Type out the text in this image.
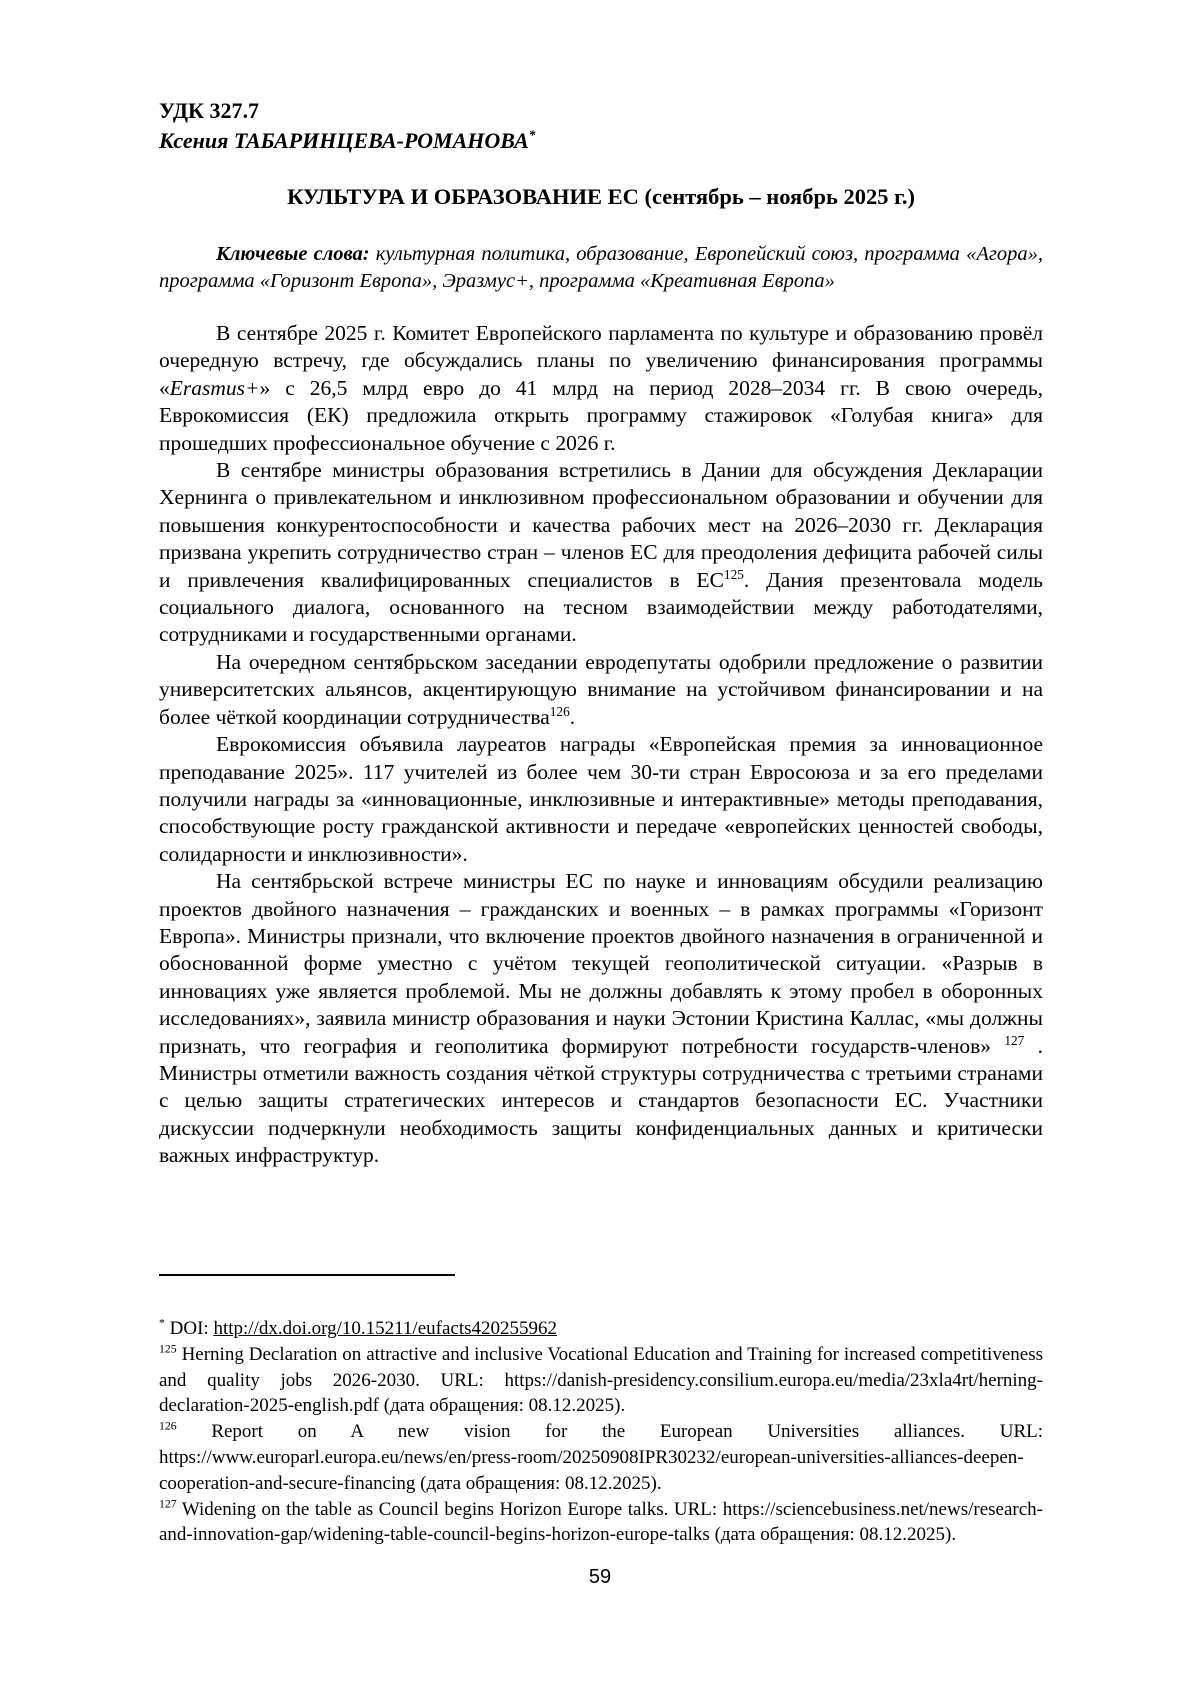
УДК 327.7
Ксения ТАБАРИНЦЕВА-РОМАНОВА*
КУЛЬТУРА И ОБРАЗОВАНИЕ ЕС (сентябрь – ноябрь 2025 г.)
Ключевые слова: культурная политика, образование, Европейский союз, программа «Агора», программа «Горизонт Европа», Эразмус+, программа «Креативная Европа»

В сентябре 2025 г. Комитет Европейского парламента по культуре и образованию провёл очередную встречу, где обсуждались планы по увеличению финансирования программы «Erasmus+» с 26,5 млрд евро до 41 млрд на период 2028–2034 гг. В свою очередь, Еврокомиссия (ЕК) предложила открыть программу стажировок «Голубая книга» для прошедших профессиональное обучение с 2026 г.

В сентябре министры образования встретились в Дании для обсуждения Декларации Хернинга о привлекательном и инклюзивном профессиональном образовании и обучении для повышения конкурентоспособности и качества рабочих мест на 2026–2030 гг. Декларация призвана укрепить сотрудничество стран – членов ЕС для преодоления дефицита рабочей силы и привлечения квалифицированных специалистов в ЕС$^{125}$. Дания презентовала модель социального диалога, основанного на тесном взаимодействии между работодателями, сотрудниками и государственными органами.

На очередном сентябрьском заседании евродепутаты одобрили предложение о развитии университетских альянсов, акцентирующую внимание на устойчивом финансировании и на более чёткой координации сотрудничества$^{126}$.

Еврокомиссия объявила лауреатов награды «Европейская премия за инновационное преподавание 2025». 117 учителей из более чем 30-ти стран Евросоюза и за его пределами получили награды за «инновационные, инклюзивные и интерактивные» методы преподавания, способствующие росту гражданской активности и передаче «европейских ценностей свободы, солидарности и инклюзивности».

На сентябрьской встрече министры ЕС по науке и инновациям обсудили реализацию проектов двойного назначения – гражданских и военных – в рамках программы «Горизонт Европа». Министры признали, что включение проектов двойного назначения в ограниченной и обоснованной форме уместно с учётом текущей геополитической ситуации. «Разрыв в инновациях уже является проблемой. Мы не должны добавлять к этому пробел в оборонных исследованиях», заявила министр образования и науки Эстонии Кристина Каллас, «мы должны признать, что география и геополитика формируют потребности государств-членов» $^{127}$ . Министры отметили важность создания чёткой структуры сотрудничества с третьими странами с целью защиты стратегических интересов и стандартов безопасности ЕС. Участники дискуссии подчеркнули необходимость защиты конфиденциальных данных и критически важных инфраструктур.

* DOI: http://dx.doi.org/10.15211/eufacts420255962

$^{125}$ Herning Declaration on attractive and inclusive Vocational Education and Training for increased competitiveness and quality jobs 2026-2030. URL: https://danish-presidency.consilium.europa.eu/media/23xla4rt/herning-declaration-2025-english.pdf (дата обращения: 08.12.2025).

$^{126}$ Report on A new vision for the European Universities alliances. URL: https://www.europarl.europa.eu/news/en/press-room/20250908IPR30232/european-universities-alliances-deepen-cooperation-and-secure-financing (дата обращения: 08.12.2025).

$^{127}$ Widening on the table as Council begins Horizon Europe talks. URL: https://sciencebusiness.net/news/research-and-innovation-gap/widening-table-council-begins-horizon-europe-talks (дата обращения: 08.12.2025).

59
